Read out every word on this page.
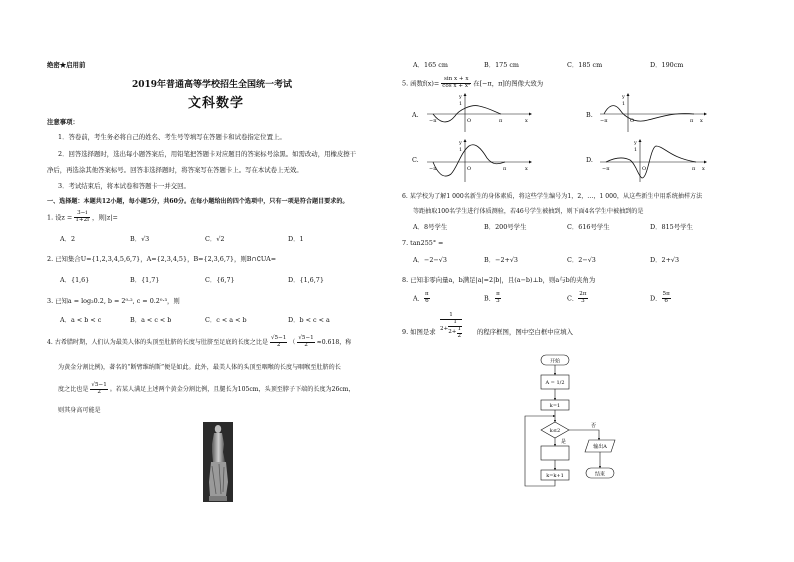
绝密★启用前
2019年普通高等学校招生全国统一考试
文科数学
注意事项：
1．答卷前，考生务必将自己的姓名、考生号等填写在答题卡和试卷指定位置上。
2．回答选择题时，选出每小题答案后，用铅笔把答题卡对应题目的答案标号涂黑。如需改动，用橡皮擦干
净后，再选涂其他答案标号。回答非选择题时，将答案写在答题卡上。写在本试卷上无效。
3．考试结束后，将本试卷和答题卡一并交回。
一、选择题：本题共12小题，每小题5分，共60分。在每小题给出的四个选项中，只有一项是符合题目要求的。
1. 设$z = \frac{3-i}{1+2i}$ ，则|z|=
A．2	B．√3	C．√2	D．1
2. 已知集合U={1,2,3,4,5,6,7}，A={2,3,4,5}，B={2,3,6,7}，则B∩∁UA=
A．{1,6}	B．{1,7}	C．{6,7}	D．{1,6,7}
3. 已知a = log₂0.2, b = 2⁰·², c = 0.2⁰·³，则
A．a < b < c	B．a < c < b	C．c < a < b	D．b < c < a
4. 古希腊时期，人们认为最美人体的头顶至肚脐的长度与肚脐至足底的长度之比是 $\frac{√5-1}{2}$ （ $\frac{√5-1}{2} \approx 0.618$，称
为黄金分割比例)，著名的“断臂维纳斯”便是如此。此外，最美人体的头顶至咽喉的长度与咽喉至肚脐的长
度之比也是 $\frac{√5-1}{2}$ 。若某人满足上述两个黄金分割比例，且腿长为105cm，头顶至脖子下端的长度为26cm，
则其身高可能是
A．165 cm	B．175 cm	C．185 cm	D．190cm
5. 函数$f(x)= \frac{\text{sin x + x}}{\text{cos x + x²}}$ 在[−π，π]的图像大致为
A.
−π	O	π	x
y
1
B.
−π	O	π x
y
1
C.
−π	O	π	x
y
1
D.
−π	O	π x
y
1
6. 某学校为了解1 000名新生的身体素质，将这些学生编号为1，2，…，1 000，从这些新生中用系统抽样方法
等距抽取100名学生进行体质测验，若46号学生被抽到，则下面4名学生中被抽到的是
A．8号学生	B．200号学生	C．616号学生	D．815号学生
7. tan255° =
A．−2−√3	B．−2+√3	C．2−√3	D．2+√3
8. 已知非零向量a，b满足|a|=2|b|，且(a−b)⊥b，则a与b的夹角为
A． $\frac{\pi}{6}$	B． $\frac{\pi}{3}$	C． $\frac{2\pi}{3}$	D． $\frac{5\pi}{6}$
9. 如图是求
1
$2+ \frac{1}{2+ \frac{1}{2}}$ 的程序框图，图中空白框中应填入
开始
A = 1/2
k=1
k≤2
是
k=k+1
否
输出A
结束
